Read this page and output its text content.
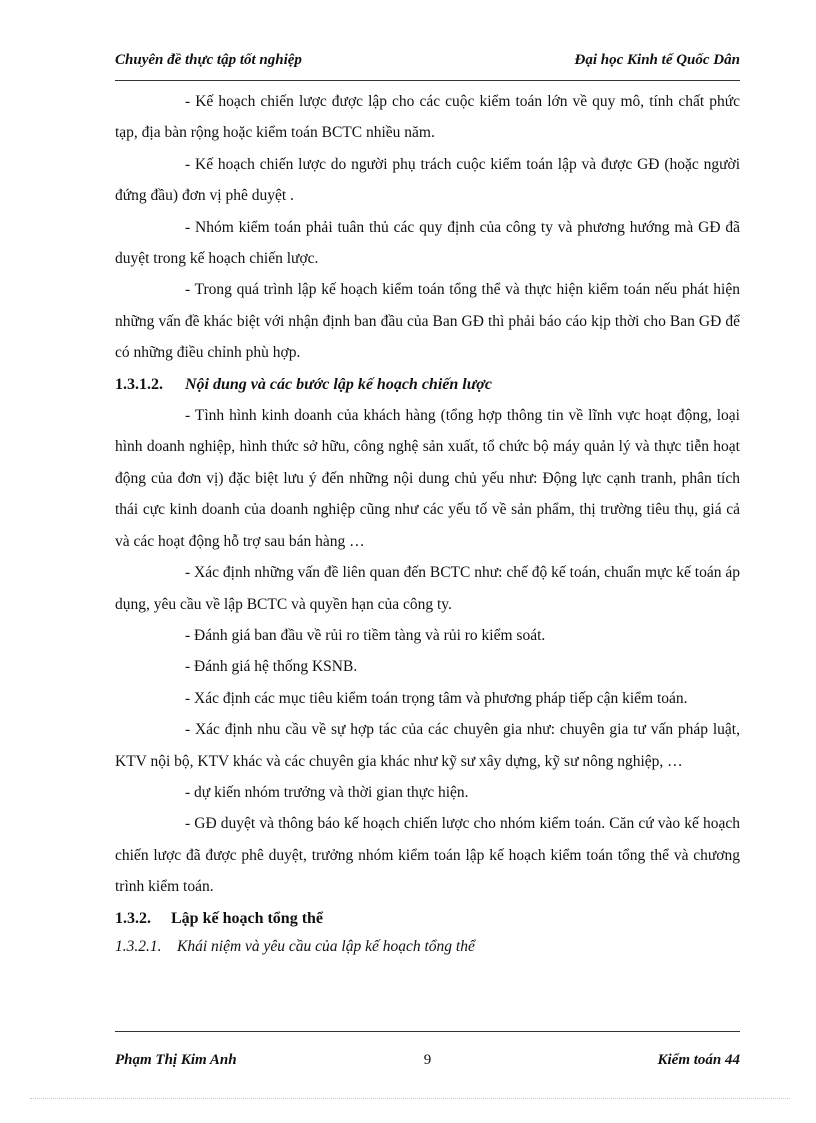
Chuyên đề thực tập tốt nghiệp	Đại học Kinh tế Quốc Dân

- Kế hoạch chiến lược được lập cho các cuộc kiểm toán lớn về quy mô, tính chất phức tạp, địa bàn rộng hoặc kiểm toán BCTC nhiều năm.

- Kế hoạch chiến lược do người phụ trách cuộc kiểm toán lập và được GĐ (hoặc người đứng đầu) đơn vị phê duyệt .

- Nhóm kiểm toán phải tuân thủ các quy định của công ty và phương hướng mà GĐ đã duyệt trong kế hoạch chiến lược.

- Trong quá trình lập kế hoạch kiểm toán tổng thể và thực hiện kiểm toán nếu phát hiện những vấn đề khác biệt với nhận định ban đầu của Ban GĐ thì phải báo cáo kịp thời cho Ban GĐ để có những điều chỉnh phù hợp.

1.3.1.2. Nội dung và các bước lập kế hoạch chiến lược

- Tình hình kinh doanh của khách hàng (tổng hợp thông tin về lĩnh vực hoạt động, loại hình doanh nghiệp, hình thức sở hữu, công nghệ sản xuất, tổ chức bộ máy quản lý và thực tiễn hoạt động của đơn vị) đặc biệt lưu ý đến những nội dung chủ yếu như: Động lực cạnh tranh, phân tích thái cực kinh doanh của doanh nghiệp cũng như các yếu tố về sản phẩm, thị trường tiêu thụ, giá cả và các hoạt động hỗ trợ sau bán hàng …

- Xác định những vấn đề liên quan đến BCTC như: chế độ kế toán, chuẩn mực kế toán áp dụng, yêu cầu về lập BCTC và quyền hạn của công ty.

- Đánh giá ban đầu về rủi ro tiềm tàng và rủi ro kiểm soát.

- Đánh giá hệ thống KSNB.

- Xác định các mục tiêu kiểm toán trọng tâm và phương pháp tiếp cận kiểm toán.

- Xác định nhu cầu về sự hợp tác của các chuyên gia như: chuyên gia tư vấn pháp luật, KTV nội bộ, KTV khác và các chuyên gia khác như kỹ sư xây dựng, kỹ sư nông nghiệp, …

- dự kiến nhóm trưởng và thời gian thực hiện.

- GĐ duyệt và thông báo kế hoạch chiến lược cho nhóm kiểm toán. Căn cứ vào kế hoạch chiến lược đã được phê duyệt, trưởng nhóm kiểm toán lập kế hoạch kiểm toán tổng thể và chương trình kiểm toán.

1.3.2. Lập kế hoạch tổng thể

1.3.2.1. Khái niệm và yêu cầu của lập kế hoạch tổng thể

Phạm Thị Kim Anh	9	Kiểm toán 44
